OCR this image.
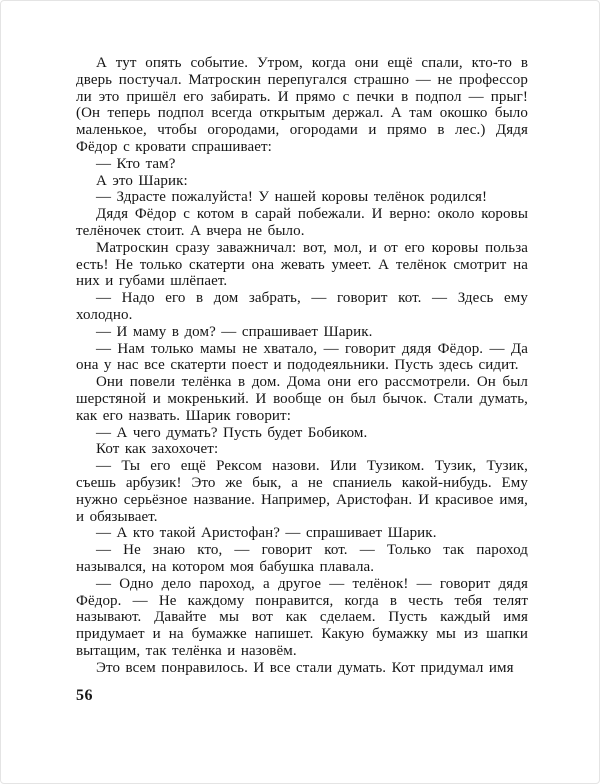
А тут опять событие. Утром, когда они ещё спали, кто-то в дверь постучал. Матроскин перепугался страшно — не профессор ли это пришёл его забирать. И прямо с печки в подпол — прыг! (Он теперь подпол всегда открытым держал. А там окошко было маленькое, чтобы огородами, огородами и прямо в лес.) Дядя Фёдор с кровати спрашивает:

— Кто там?

А это Шарик:

— Здрасте пожалуйста! У нашей коровы телёнок родился!

Дядя Фёдор с котом в сарай побежали. И верно: около коровы телёночек стоит. А вчера не было.

Матроскин сразу заважничал: вот, мол, и от его коровы польза есть! Не только скатерти она жевать умеет. А телёнок смотрит на них и губами шлёпает.

— Надо его в дом забрать, — говорит кот. — Здесь ему холодно.

— И маму в дом? — спрашивает Шарик.

— Нам только мамы не хватало, — говорит дядя Фёдор. — Да она у нас все скатерти поест и пододеяльники. Пусть здесь сидит.

Они повели телёнка в дом. Дома они его рассмотрели. Он был шерстяной и мокренький. И вообще он был бычок. Стали думать, как его назвать. Шарик говорит:

— А чего думать? Пусть будет Бобиком.

Кот как захохочет:

— Ты его ещё Рексом назови. Или Тузиком. Тузик, Тузик, съешь арбузик! Это же бык, а не спаниель какой-нибудь. Ему нужно серьёзное название. Например, Аристофан. И красивое имя, и обязывает.

— А кто такой Аристофан? — спрашивает Шарик.

— Не знаю кто, — говорит кот. — Только так пароход назывался, на котором моя бабушка плавала.

— Одно дело пароход, а другое — телёнок! — говорит дядя Фёдор. — Не каждому понравится, когда в честь тебя телят называют. Давайте мы вот как сделаем. Пусть каждый имя придумает и на бумажке напишет. Какую бумажку мы из шапки вытащим, так телёнка и назовём.

Это всем понравилось. И все стали думать. Кот придумал имя

56
